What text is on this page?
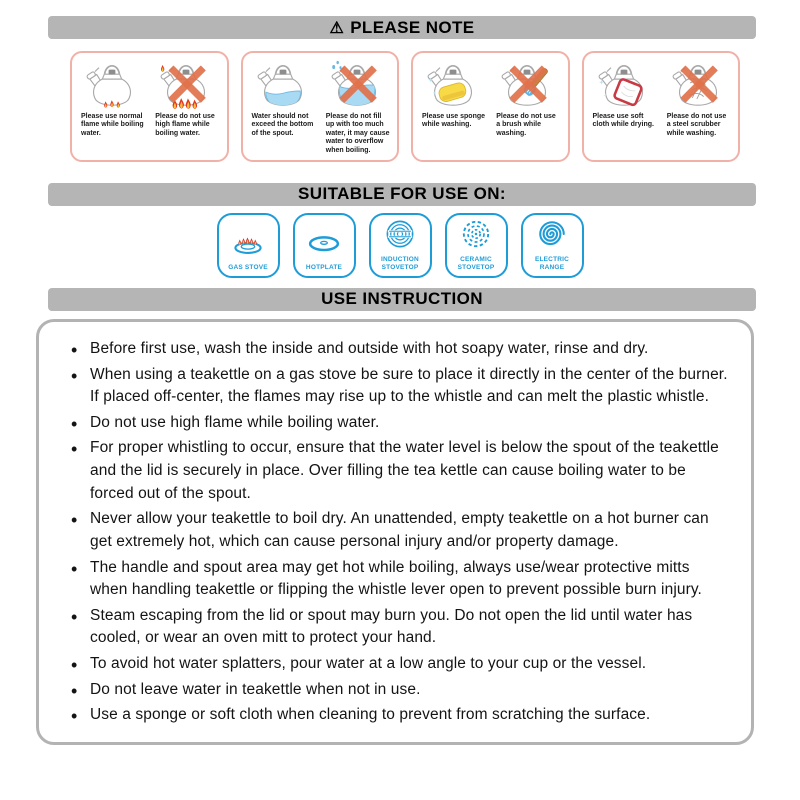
⚠ PLEASE NOTE
Please use normal flame while boiling water.
Please do not use high flame while boiling water.
Water should not exceed the bottom of the spout.
Please do not fill up with too much water, it may cause water to overflow when boiling.
Please use sponge while washing.
Please do not use a brush while washing.
Please use soft cloth while drying.
Please do not use a steel scrubber while washing.
SUITABLE FOR USE ON:
GAS STOVE	HOTPLATE
INDUCTION STOVETOP
CERAMIC STOVETOP
ELECTRIC RANGE
USE INSTRUCTION
• Before first use, wash the inside and outside with hot soapy water, rinse and dry.
• When using a teakettle on a gas stove be sure to place it directly in the center of the burner. If placed off-center, the flames may rise up to the whistle and can melt the plastic whistle.
• Do not use high flame while boiling water.
• For proper whistling to occur, ensure that the water level is below the spout of the teakettle and the lid is securely in place. Over filling the tea kettle can cause boiling water to be forced out of the spout.
• Never allow your teakettle to boil dry. An unattended, empty teakettle on a hot burner can get extremely hot, which can cause personal injury and/or property damage.
• The handle and spout area may get hot while boiling, always use/wear protective mitts when handling teakettle or flipping the whistle lever open to prevent possible burn injury.
• Steam escaping from the lid or spout may burn you. Do not open the lid until water has cooled, or wear an oven mitt to protect your hand.
• To avoid hot water splatters, pour water at a low angle to your cup or the vessel.
• Do not leave water in teakettle when not in use.
• Use a sponge or soft cloth when cleaning to prevent from scratching the surface.
